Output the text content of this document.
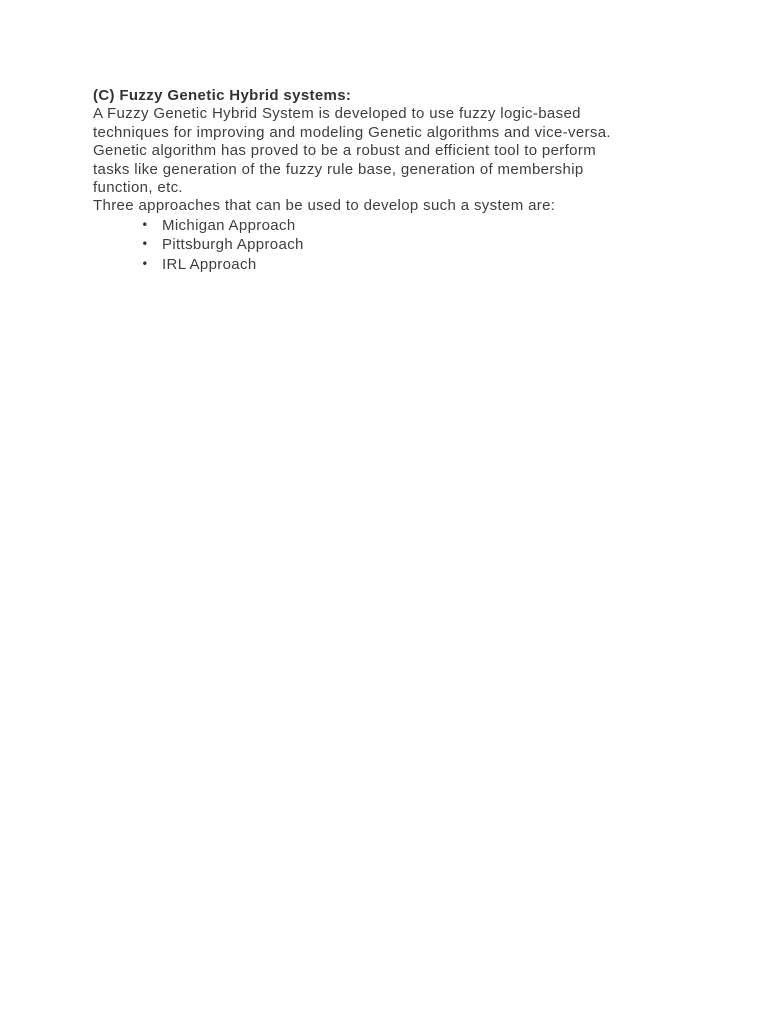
(C) Fuzzy Genetic Hybrid systems:

A Fuzzy Genetic Hybrid System is developed to use fuzzy logic-based

techniques for improving and modeling Genetic algorithms and vice-versa.

Genetic algorithm has proved to be a robust and efficient tool to perform

tasks like generation of the fuzzy rule base, generation of membership

function, etc.

Three approaches that can be used to develop such a system are:

• Michigan Approach
• Pittsburgh Approach
• IRL Approach
